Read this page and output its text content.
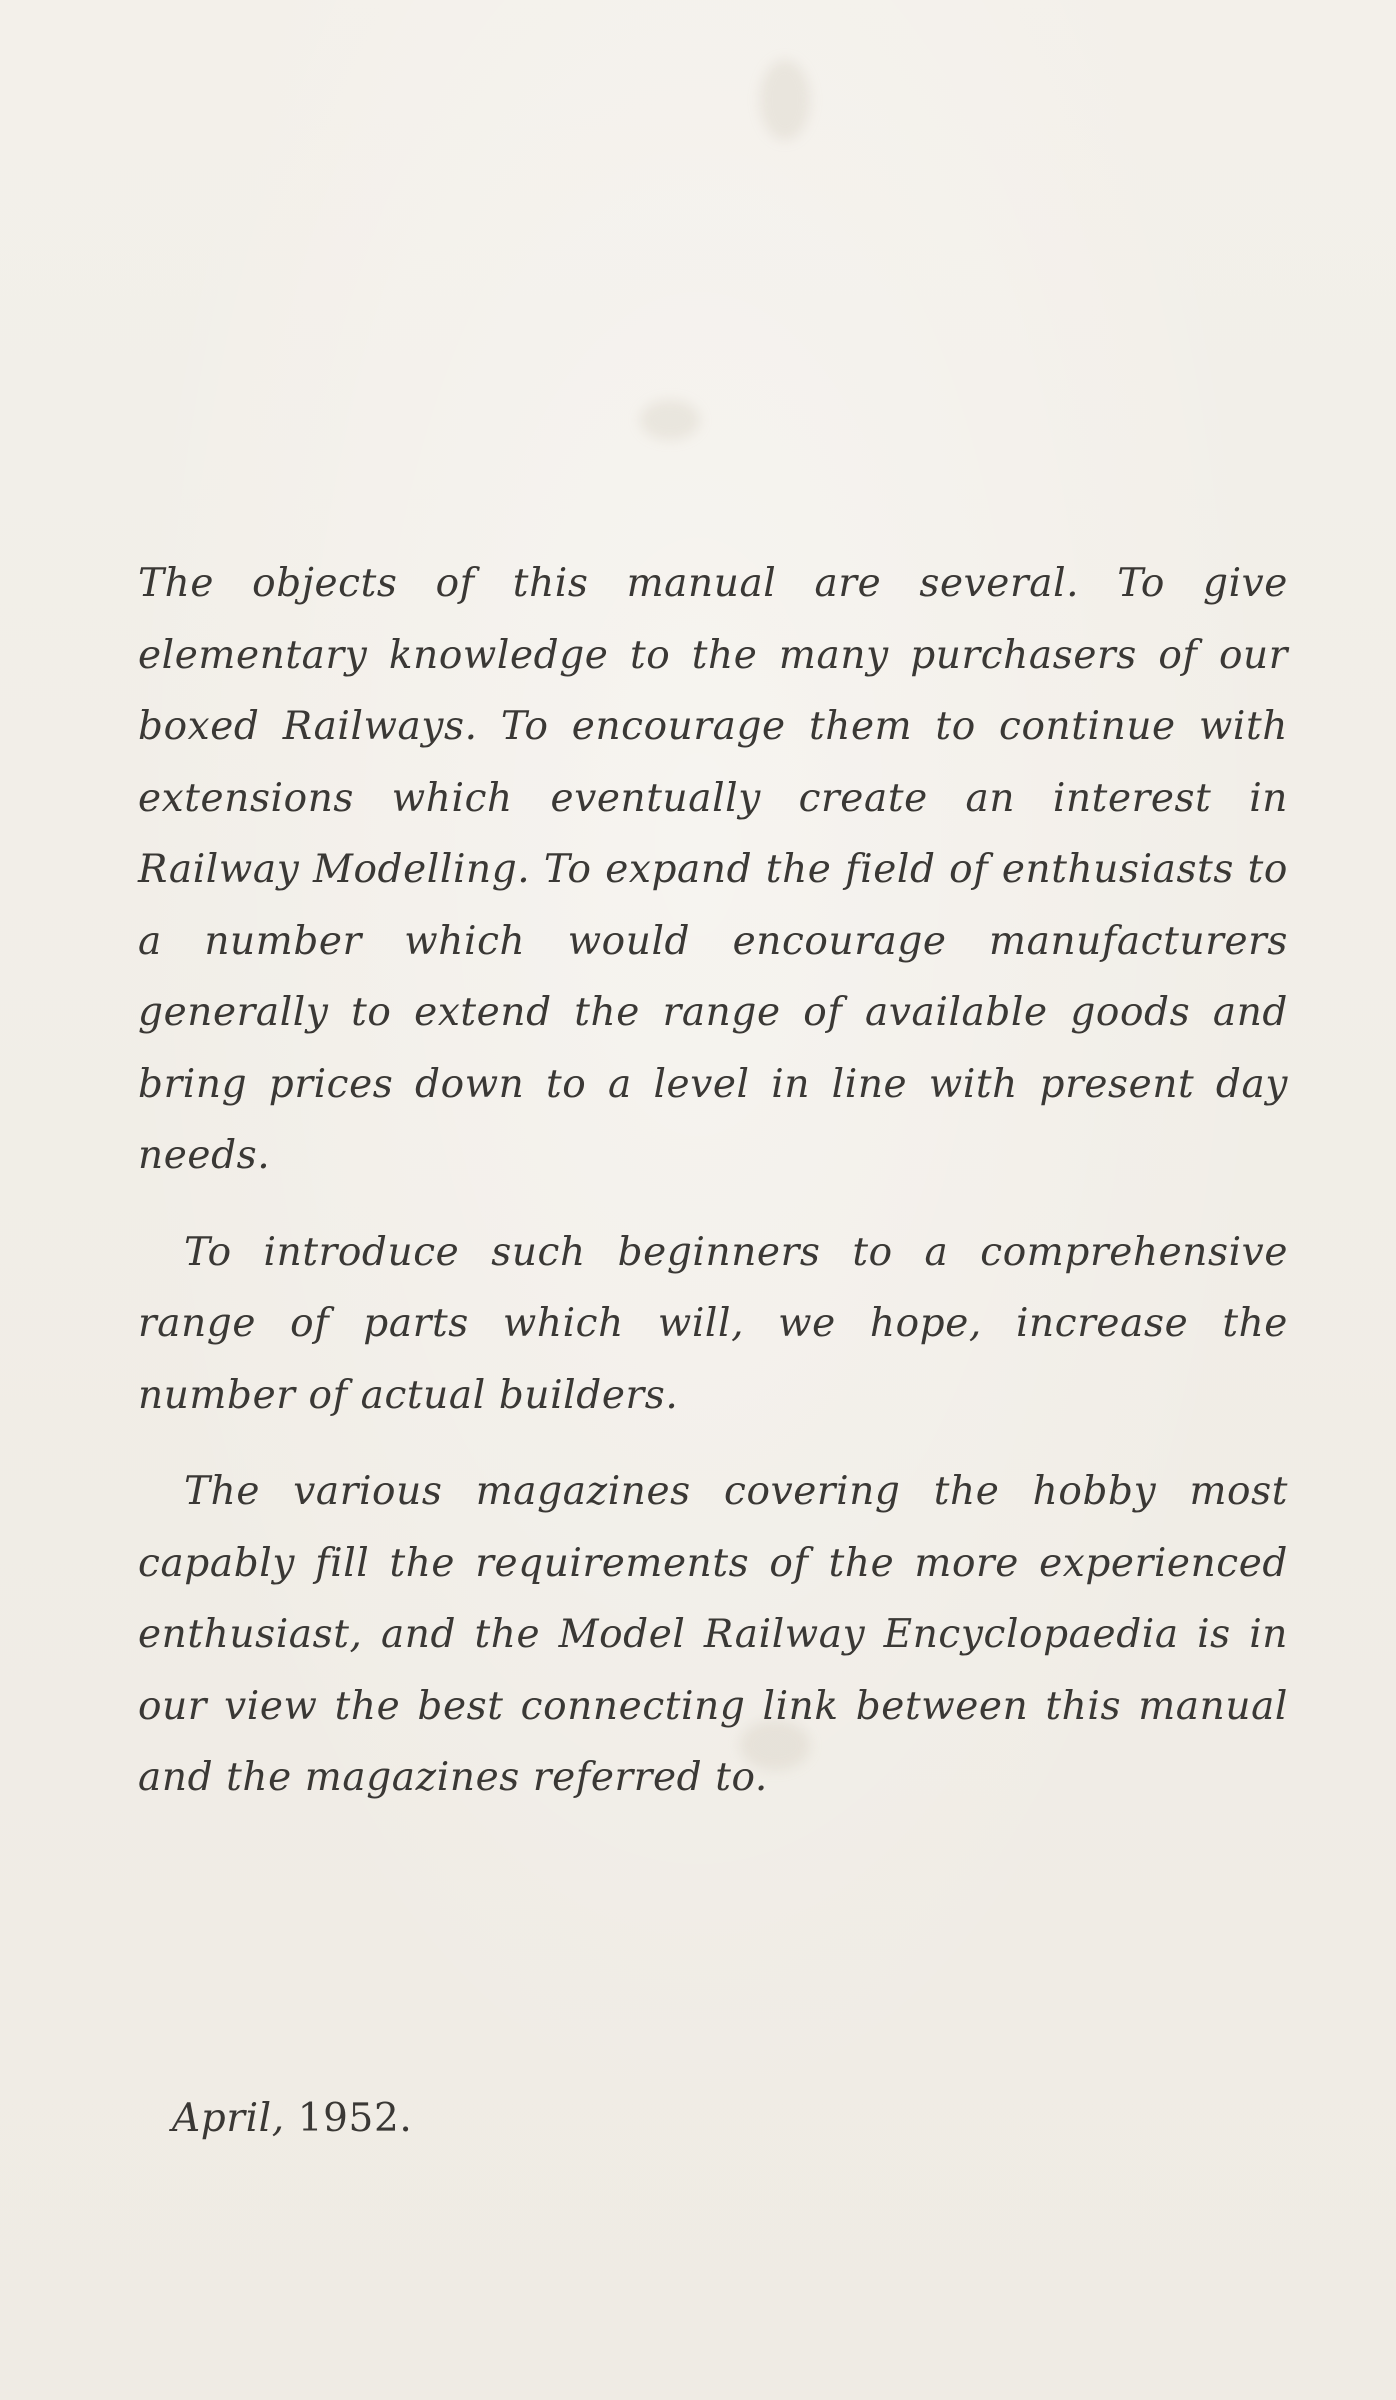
The objects of this manual are several. To give elementary knowledge to the many purchasers of our boxed Railways. To encourage them to continue with extensions which eventually create an interest in Railway Modelling. To expand the field of enthusiasts to a number which would encourage manufacturers generally to extend the range of available goods and bring prices down to a level in line with present day needs.

To introduce such beginners to a comprehensive range of parts which will, we hope, increase the number of actual builders.

The various magazines covering the hobby most capably fill the requirements of the more experienced enthusiast, and the Model Railway Encyclopaedia is in our view the best connecting link between this manual and the magazines referred to.

April, 1952.
